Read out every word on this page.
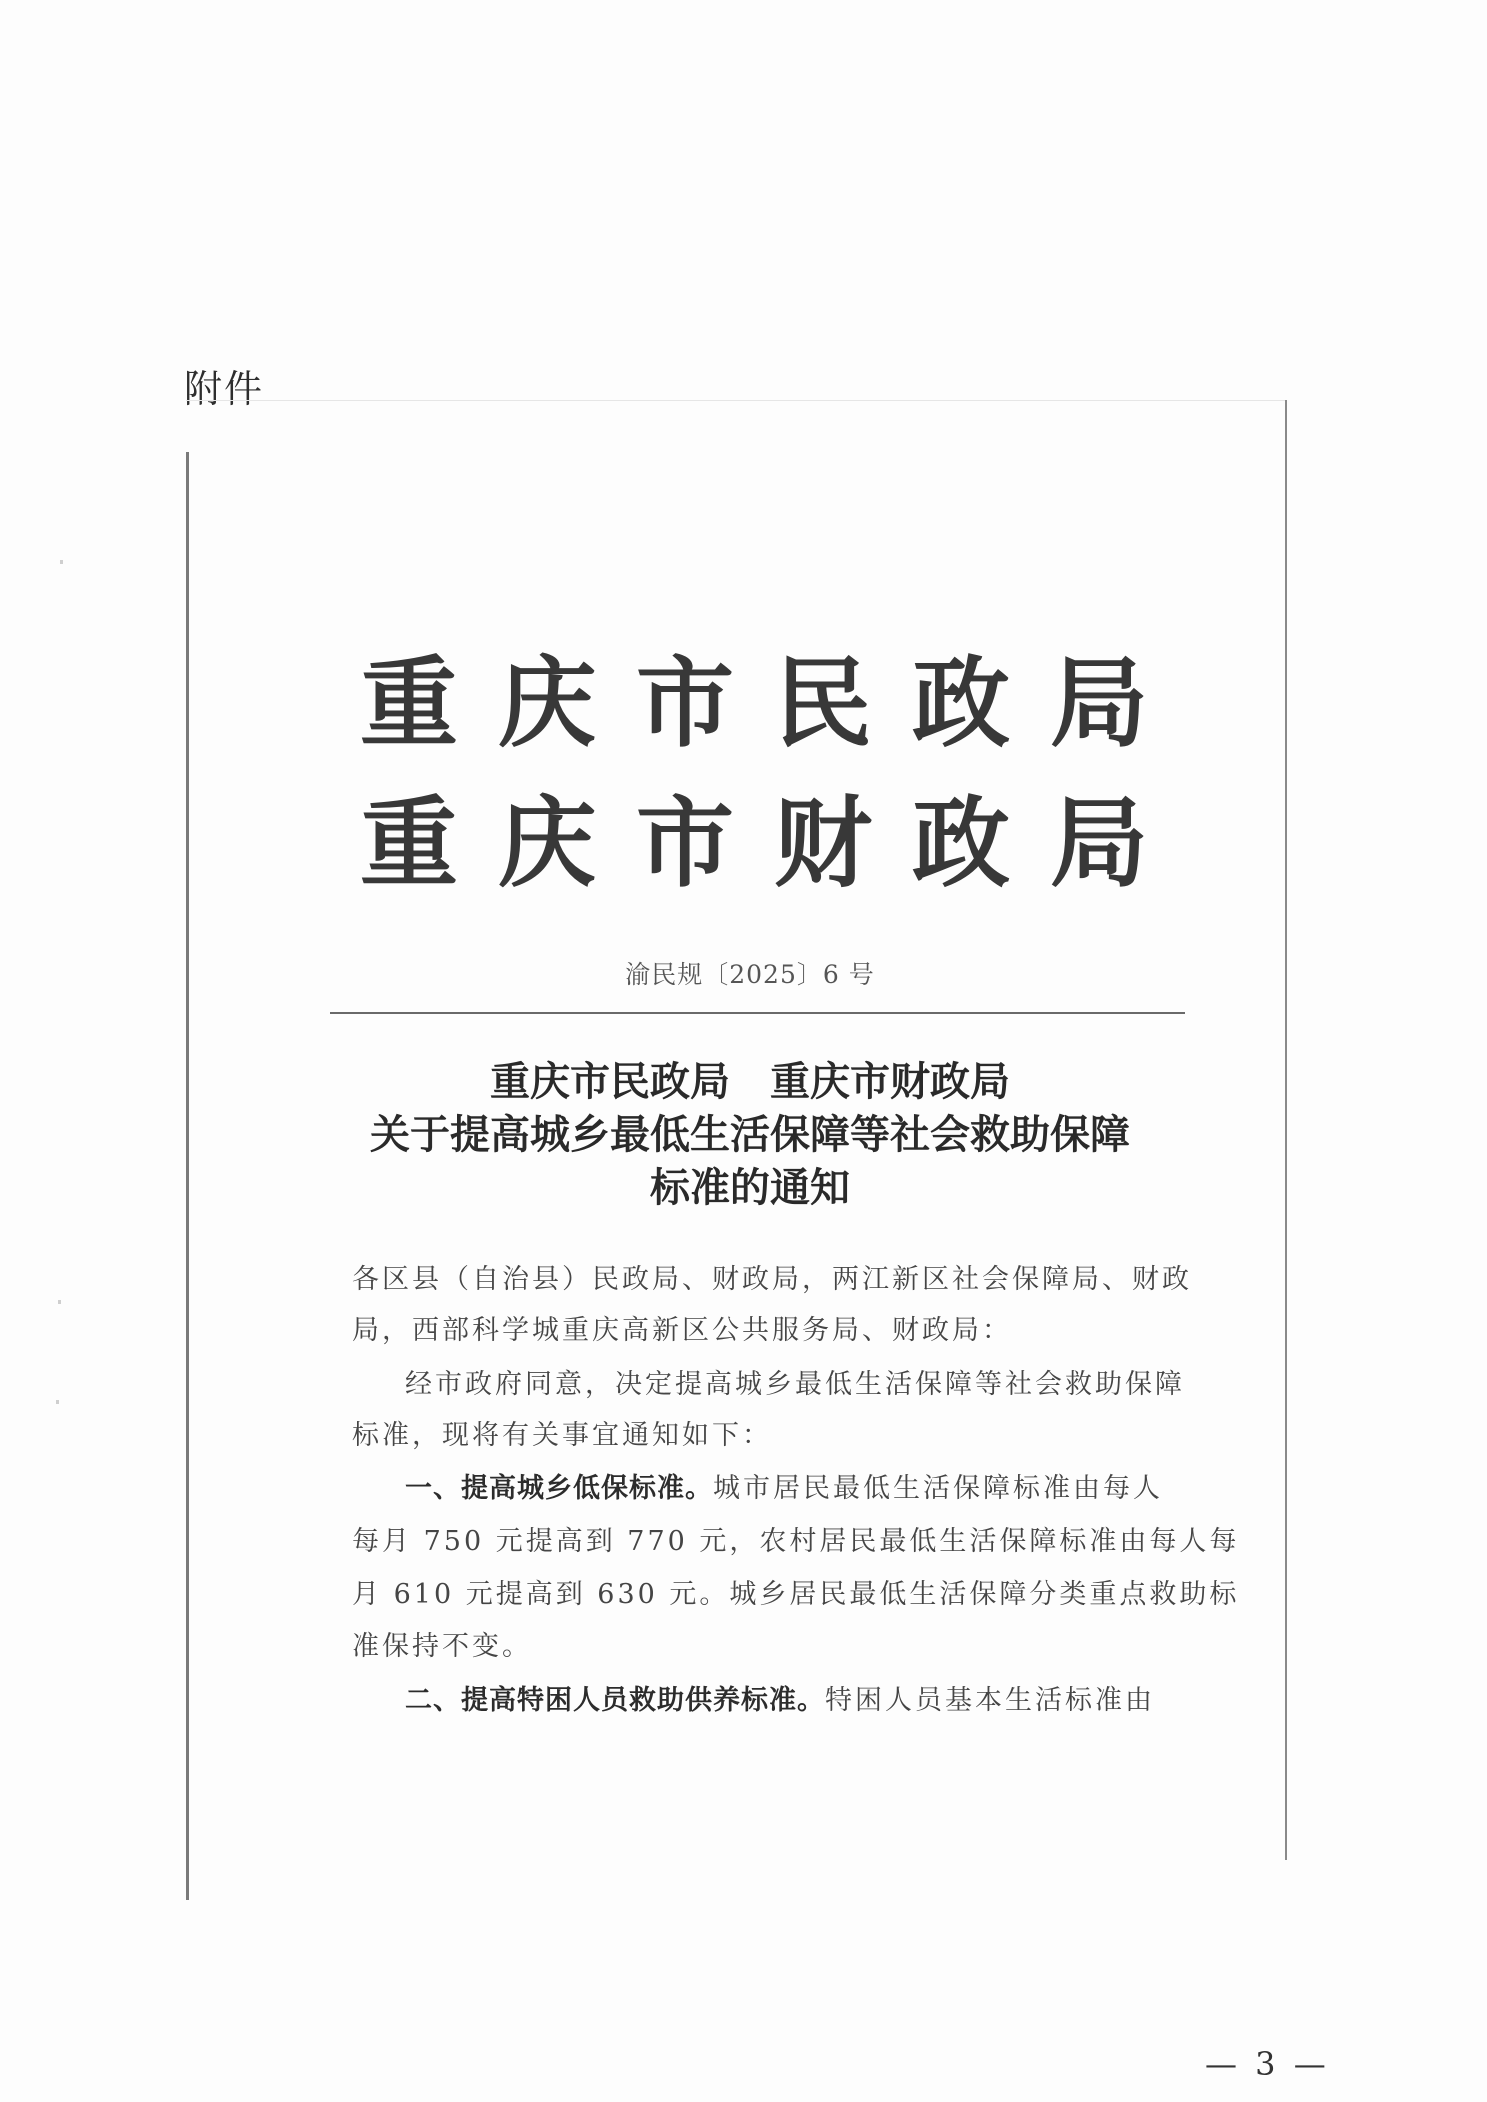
附件
重庆市民政局
重庆市财政局
渝民规〔2025〕6 号
重庆市民政局　重庆市财政局
关于提高城乡最低生活保障等社会救助保障
标准的通知
各区县（自治县）民政局、财政局，两江新区社会保障局、财政
局，西部科学城重庆高新区公共服务局、财政局：
经市政府同意，决定提高城乡最低生活保障等社会救助保障
标准，现将有关事宜通知如下：
一、提高城乡低保标准。城市居民最低生活保障标准由每人
每月 750 元提高到 770 元，农村居民最低生活保障标准由每人每
月 610 元提高到 630 元。城乡居民最低生活保障分类重点救助标
准保持不变。
二、提高特困人员救助供养标准。特困人员基本生活标准由
— 3 —
